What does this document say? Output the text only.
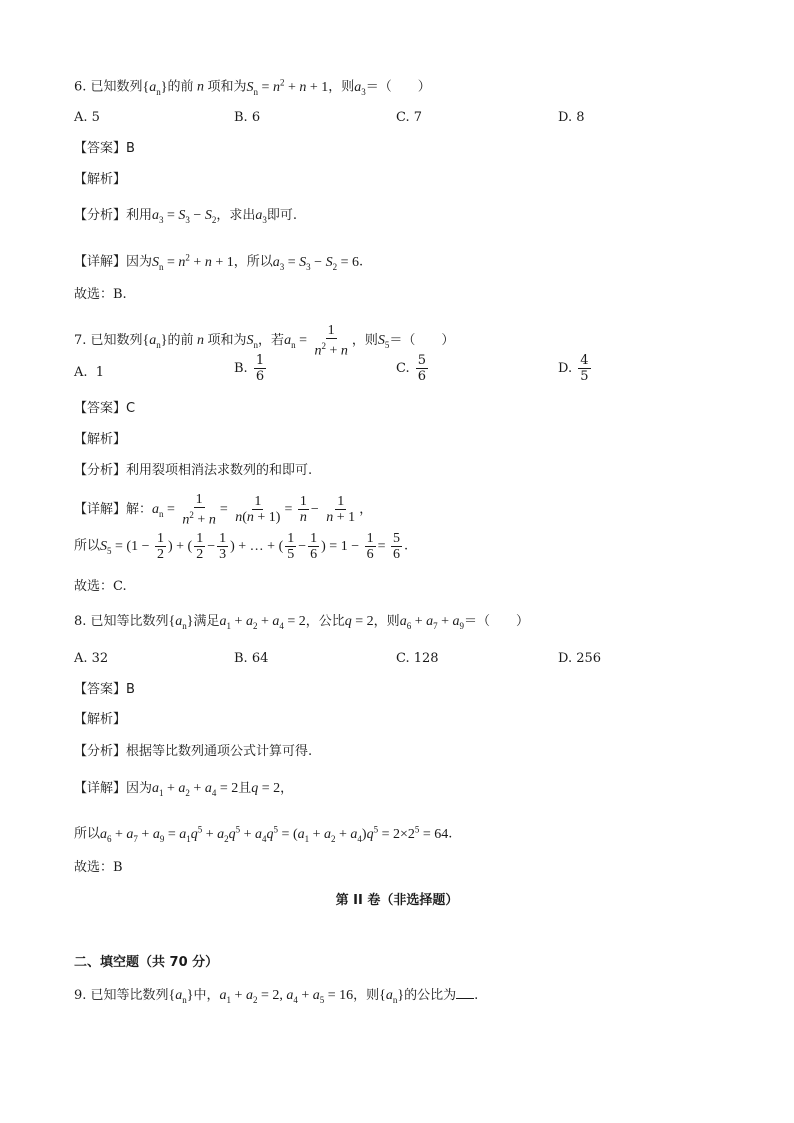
6. 已知数列$\{a_n\}$的前 n 项和为$S_n = n^2 + n + 1$，则$a_3=$（　　）
A. 5	B. 6	C. 7	D. 8
【答案】B
【解析】
【分析】利用$a_3 = S_3 - S_2$，求出$a_3$即可.
【详解】因为$S_n = n^2 + n + 1$，所以$a_3 = S_3 - S_2 = 6$.
故选：B.
7. 已知数列$\{a_n\}$的前 n 项和为$S_n$，若$a_n = \frac{1}{n^2 + n}$ ，则$S_5=$（　　）
A.  1	B. $\frac{1}{6}$	C. $\frac{5}{6}$	D. $\frac{4}{5}$
【答案】C
【解析】
【分析】利用裂项相消法求数列的和即可.
【详解】解：$a_n = \frac{1}{n^2 + n} = \frac{1}{n(n + 1)} = \frac{1}{n} - \frac{1}{n + 1}$ ，
所以$S_5 = (1 - \frac{1}{2}$ ) + ( $\frac{1}{2} - \frac{1}{3}$ ) + … + ( $\frac{1}{5} - \frac{1}{6}$ ) = $1 - \frac{1}{6} = \frac{5}{6}$ .
故选：C.
8. 已知等比数列$\{a_n\}$满足$a_1 + a_2 + a_4 = 2$，公比q = 2，则$a_6 + a_7 + a_9=$（　　）
A. 32	B. 64	C. 128	D. 256
【答案】B
【解析】
【分析】根据等比数列通项公式计算可得.
【详解】因为$a_1 + a_2 + a_4 = 2$且q = 2，
所以$a_6 + a_7 + a_9 = a_1q^5 + a_2q^5 + a_4q^5 = (a_1 + a_2 + a_4)q^5 = 2\times 2^5 = 64$.
故选：B
第 II 卷（非选择题）
二、填空题（共 70 分）
9. 已知等比数列$\{a_n\}$中，$a_1 + a_2 = 2$, $a_4 + a_5 = 16$，则$\{a_n\}$的公比为 .
